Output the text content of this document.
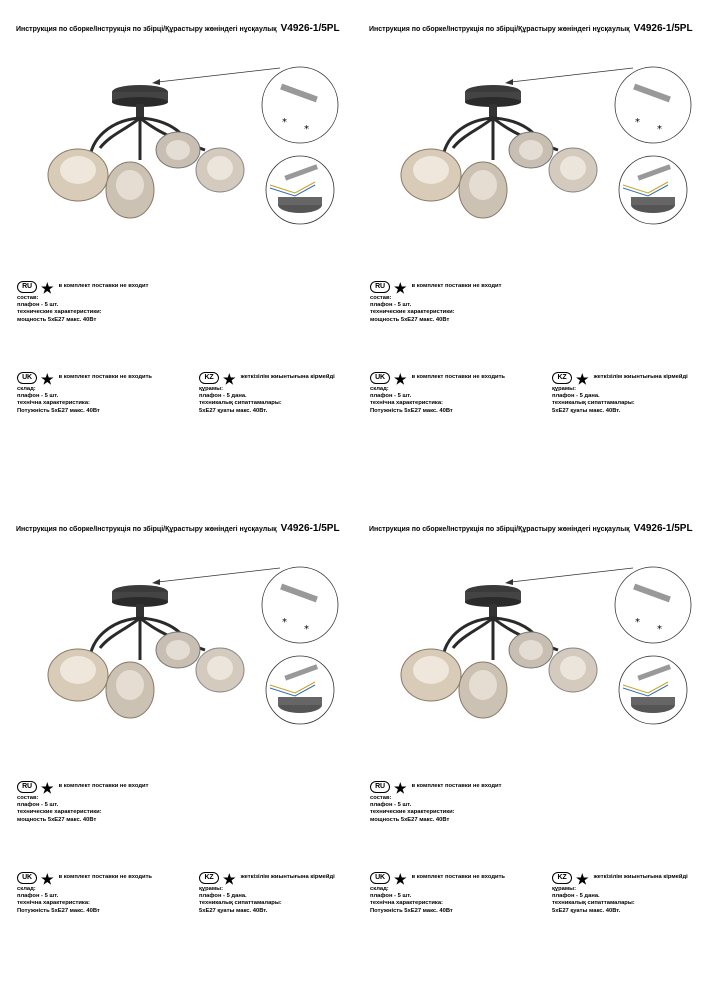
Инструкция по сборке/Інструкція по збірці/Құрастыру жөніндегі нұсқаулық V4926-1/5PL
*
*
RU ★ в комплект поставки не входит
состав:
плафон - 5 шт.
технические характеристики:
мощность 5хЕ27 макс. 40Вт
UK ★ в комплект поставки не входить
склад:
плафон - 5 шт.
технічна характеристика:
Потужність 5хЕ27 макс. 40Вт
KZ ★ жеткізілім жиынтығына кірмейді
құрамы:
плафон - 5 дана.
техникалық сипаттамалары:
5хЕ27 қуаты макс. 40Вт.
Инструкция по сборке/Інструкція по збірці/Құрастыру жөніндегі нұсқаулық V4926-1/5PL
*
*
RU ★ в комплект поставки не входит
состав:
плафон - 5 шт.
технические характеристики:
мощность 5хЕ27 макс. 40Вт
UK ★ в комплект поставки не входить
склад:
плафон - 5 шт.
технічна характеристика:
Потужність 5хЕ27 макс. 40Вт
KZ ★ жеткізілім жиынтығына кірмейді
құрамы:
плафон - 5 дана.
техникалық сипаттамалары:
5хЕ27 қуаты макс. 40Вт.
Инструкция по сборке/Інструкція по збірці/Құрастыру жөніндегі нұсқаулық V4926-1/5PL
*
*
RU ★ в комплект поставки не входит
состав:
плафон - 5 шт.
технические характеристики:
мощность 5хЕ27 макс. 40Вт
UK ★ в комплект поставки не входить
склад:
плафон - 5 шт.
технічна характеристика:
Потужність 5хЕ27 макс. 40Вт
KZ ★ жеткізілім жиынтығына кірмейді
құрамы:
плафон - 5 дана.
техникалық сипаттамалары:
5хЕ27 қуаты макс. 40Вт.
Инструкция по сборке/Інструкція по збірці/Құрастыру жөніндегі нұсқаулық V4926-1/5PL
*
*
RU ★ в комплект поставки не входит
состав:
плафон - 5 шт.
технические характеристики:
мощность 5хЕ27 макс. 40Вт
UK ★ в комплект поставки не входить
склад:
плафон - 5 шт.
технічна характеристика:
Потужність 5хЕ27 макс. 40Вт
KZ ★ жеткізілім жиынтығына кірмейді
құрамы:
плафон - 5 дана.
техникалық сипаттамалары:
5хЕ27 қуаты макс. 40Вт.
